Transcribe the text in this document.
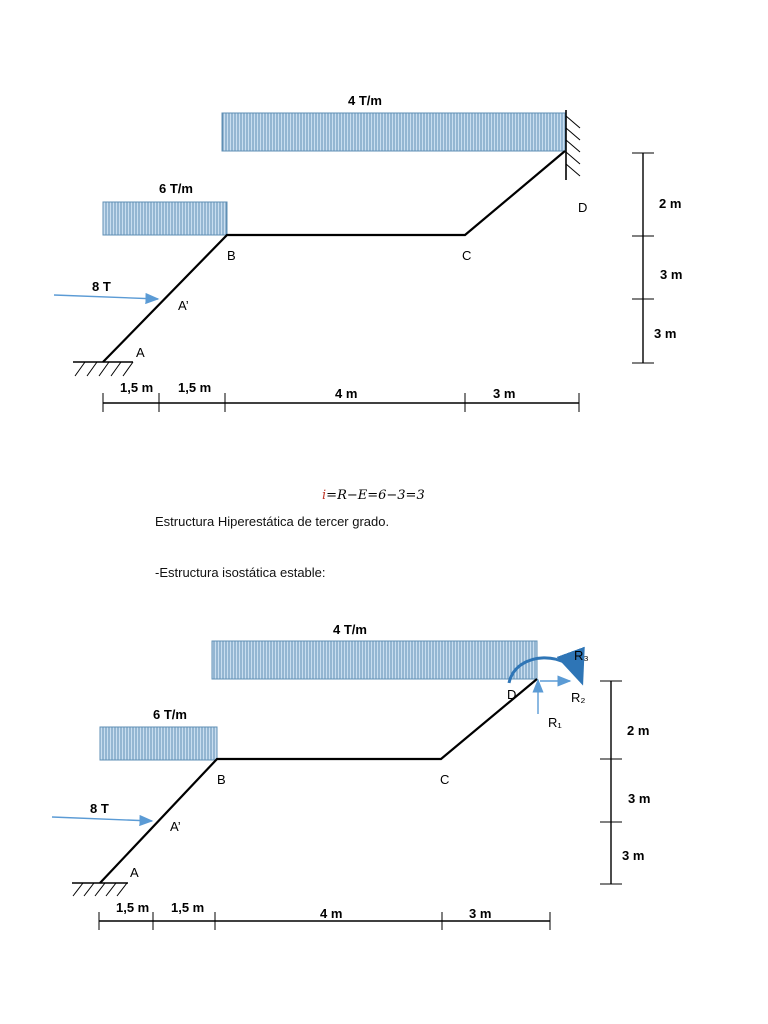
4 T/m
6 T/m
8 T
A
A’
B	C
D
1,5 m 1,5 m	4 m	3 m
2 m
3 m
3 m
4 T/m
6 T/m
8 T
R₁
R₂
R₃
A
A’
B	C
D
1,5 m 1,5 m	4 m	3 m
2 m
3 m
3 m
i=R−E=6−3=3
Estructura Hiperestática de tercer grado.
-Estructura isostática estable:
